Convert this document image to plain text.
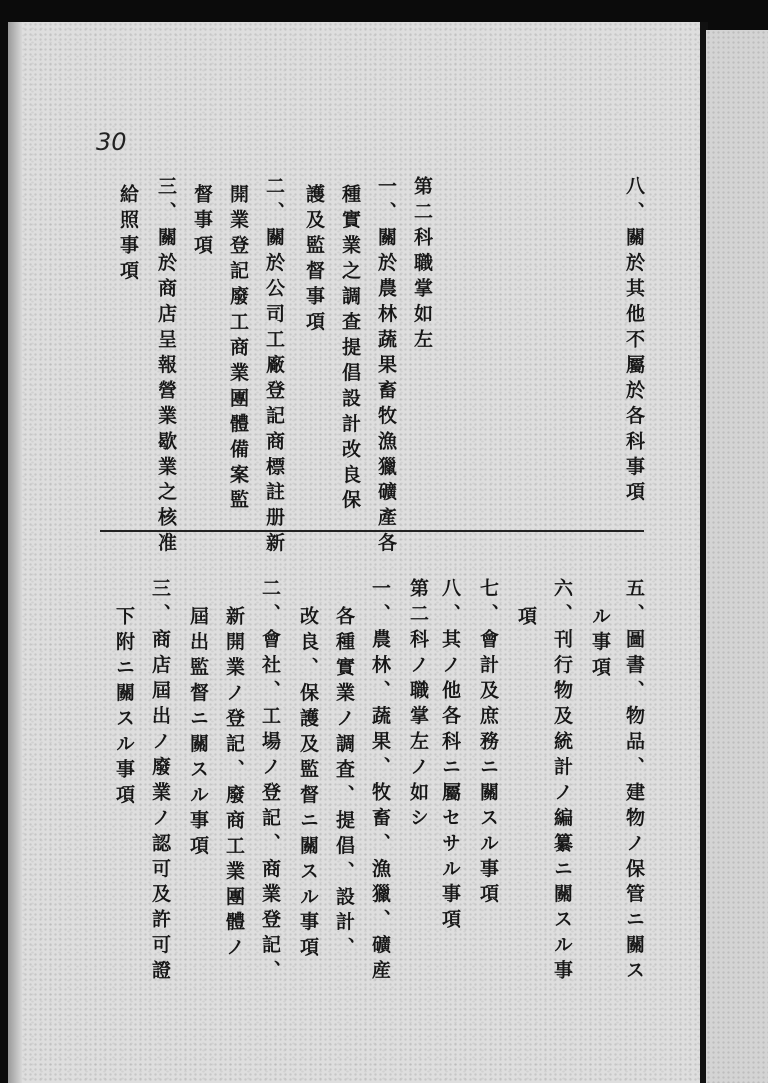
30
八、關於其他不屬於各科事項
第二科職掌如左
一、關於農林蔬果畜牧漁獵礦產各
種實業之調查提倡設計改良保
護及監督事項
二、關於公司工廠登記商標註册新
開業登記廢工商業團體備案監
督事項
三、關於商店呈報營業歇業之核准
給照事項
五、圖書、物品、建物ノ保管ニ關ス
ル事項
六、刊行物及統計ノ編纂ニ關スル事
項
七、會計及庶務ニ關スル事項
八、其ノ他各科ニ屬セサル事項
第二科ノ職掌左ノ如シ
一、農林、蔬果、牧畜、漁獵、礦産
各種實業ノ調査、提倡、設計、
改良、保護及監督ニ關スル事項
二、會社、工場ノ登記、商業登記、
新開業ノ登記、廢商工業團體ノ
屆出監督ニ關スル事項
三、商店屆出ノ廢業ノ認可及許可證
下附ニ關スル事項
